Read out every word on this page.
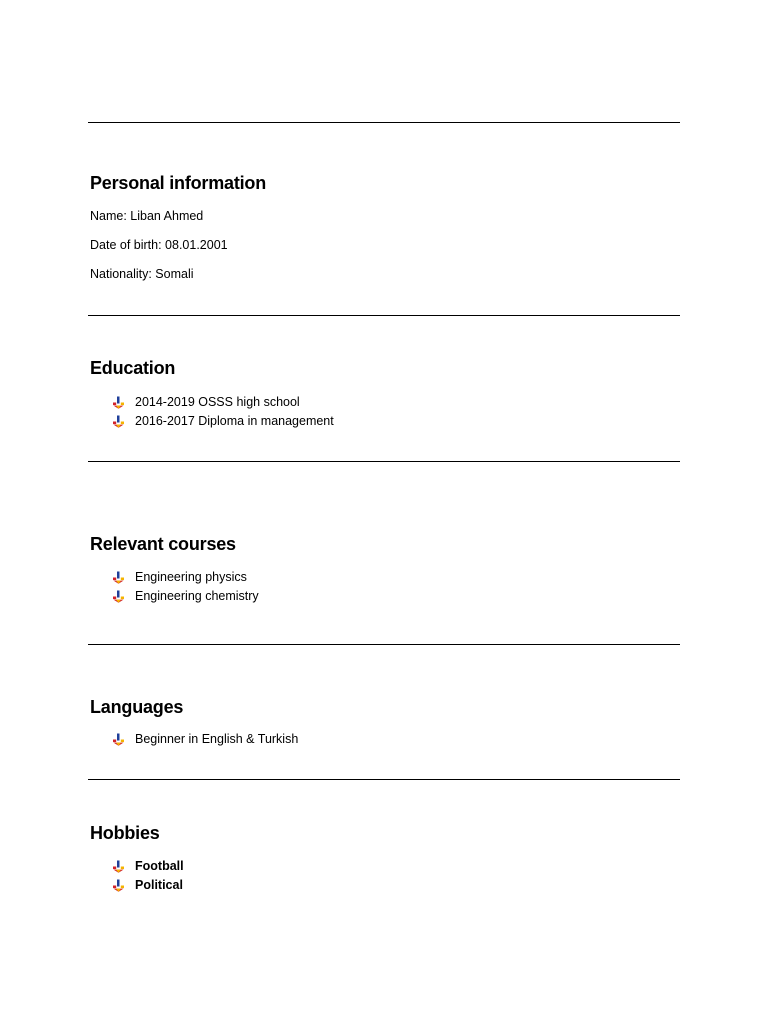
Personal information

Name: Liban Ahmed

Date of birth: 08.01.2001

Nationality: Somali

Education
2014-2019 OSSS high school
2016-2017 Diploma in management
Relevant courses
Engineering physics
Engineering chemistry
Languages
Beginner in English & Turkish
Hobbies
Football
Political
